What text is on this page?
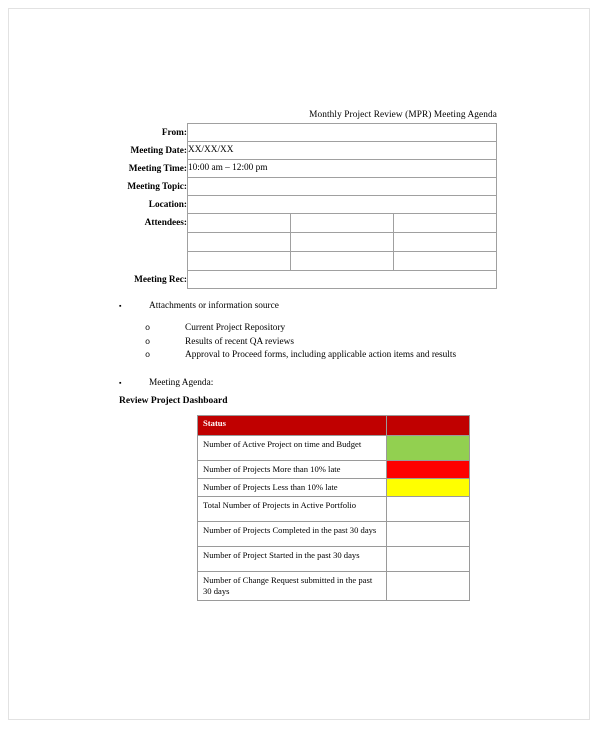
Monthly Project Review (MPR) Meeting Agenda
From:			
Meeting Date:	XX/XX/XX		
Meeting Time:	10:00 am – 12:00 pm		
Meeting Topic:			
Location:			
Attendees:			

Meeting Rec:			
▪	Attachments or information source
o	Current Project Repository
o	Results of recent QA reviews
o	Approval to Proceed forms, including applicable action items and results
▪	Meeting Agenda:
Review Project Dashboard
Status	
Number of Active Project on time and Budget	
Number of Projects More than 10% late	
Number of Projects Less than 10% late	
Total Number of Projects in Active Portfolio	
Number of Projects Completed in the past 30 days	
Number of Project Started in the past 30 days	
Number of Change Request submitted in the past 30 days	
